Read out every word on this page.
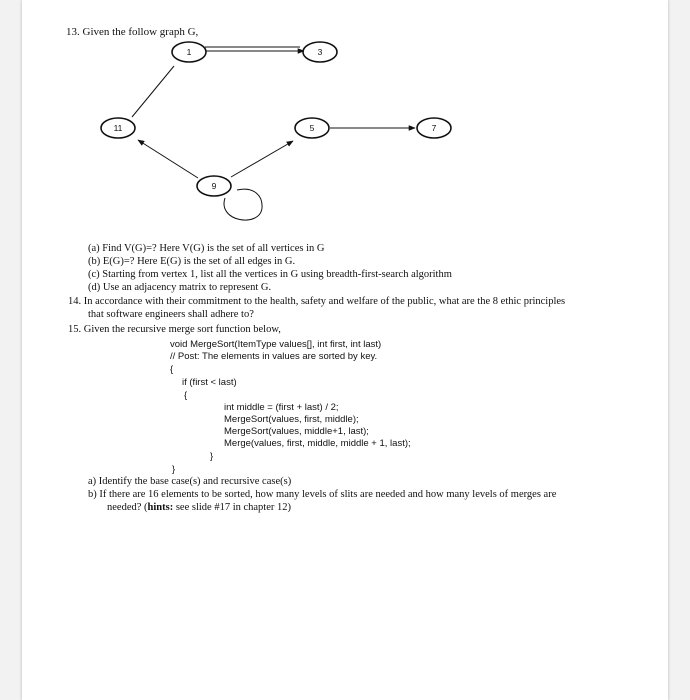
13. Given the follow graph G,
1	3
11	5	7
9
(a) Find V(G)=? Here V(G) is the set of all vertices in G
(b) E(G)=? Here E(G) is the set of all edges in G.
(c) Starting from vertex 1, list all the vertices in G using breadth-first-search algorithm
(d) Use an adjacency matrix to represent G.
14. In accordance with their commitment to the health, safety and welfare of the public, what are the 8 ethic principles
that software engineers shall adhere to?
15. Given the recursive merge sort function below,
void MergeSort(ItemType values[], int first, int last)
// Post: The elements in values are sorted by key.
{
if (first < last)
{
int middle = (first + last) / 2;
MergeSort(values, first, middle);
MergeSort(values, middle+1, last);
Merge(values, first, middle, middle + 1, last);
}
}
a) Identify the base case(s) and recursive case(s)
b) If there are 16 elements to be sorted, how many levels of slits are needed and how many levels of merges are
needed? (hints: see slide #17 in chapter 12)
